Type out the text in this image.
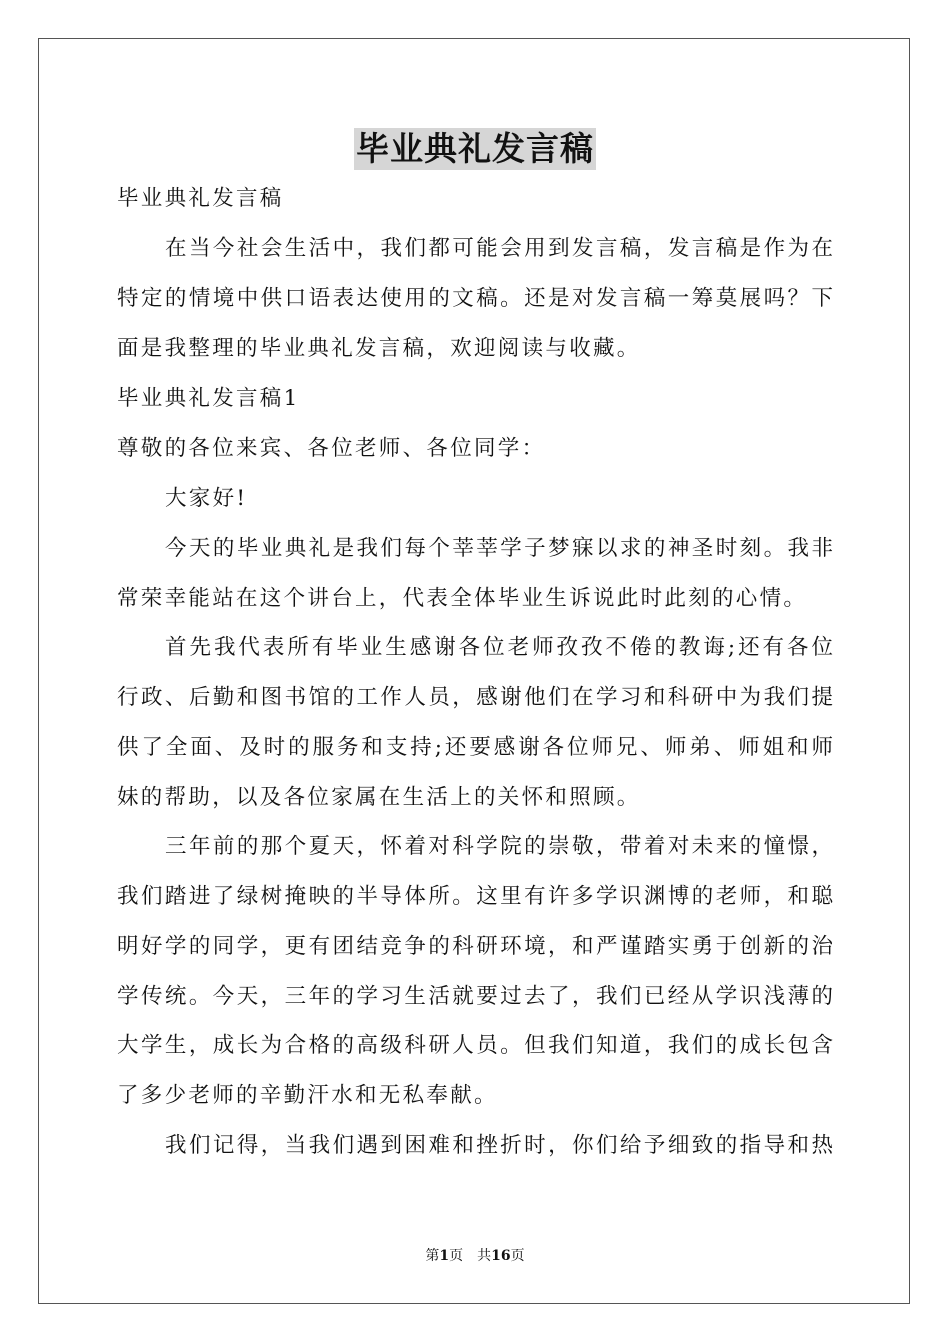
毕业典礼发言稿
毕业典礼发言稿
在当今社会生活中，我们都可能会用到发言稿，发言稿是作为在
特定的情境中供口语表达使用的文稿。还是对发言稿一筹莫展吗？下
面是我整理的毕业典礼发言稿，欢迎阅读与收藏。
毕业典礼发言稿1
尊敬的各位来宾、各位老师、各位同学：
大家好!
今天的毕业典礼是我们每个莘莘学子梦寐以求的神圣时刻。我非
常荣幸能站在这个讲台上，代表全体毕业生诉说此时此刻的心情。
首先我代表所有毕业生感谢各位老师孜孜不倦的教诲;还有各位
行政、后勤和图书馆的工作人员，感谢他们在学习和科研中为我们提
供了全面、及时的服务和支持;还要感谢各位师兄、师弟、师姐和师
妹的帮助，以及各位家属在生活上的关怀和照顾。
三年前的那个夏天，怀着对科学院的崇敬，带着对未来的憧憬，
我们踏进了绿树掩映的半导体所。这里有许多学识渊博的老师，和聪
明好学的同学，更有团结竞争的科研环境，和严谨踏实勇于创新的治
学传统。今天，三年的学习生活就要过去了，我们已经从学识浅薄的
大学生，成长为合格的高级科研人员。但我们知道，我们的成长包含
了多少老师的辛勤汗水和无私奉献。
我们记得，当我们遇到困难和挫折时，你们给予细致的指导和热
第1页　共16页
